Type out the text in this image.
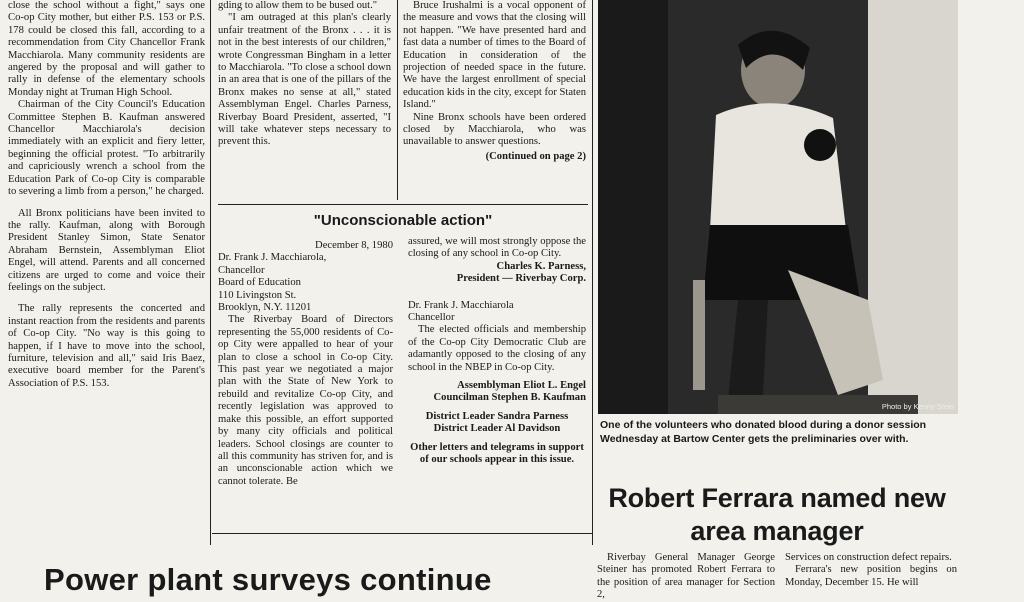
close the school without a fight," says one Co-op City mother, but either P.S. 153 or P.S. 178 could be closed this fall, according to a recommendation from City Chancellor Frank Macchiarola. Many community residents are angered by the proposal and will gather to rally in defense of the elementary schools Monday night at Truman High School.

Chairman of the City Council's Education Committee Stephen B. Kaufman answered Chancellor Macchiarola's decision immediately with an explicit and fiery letter, beginning the official protest. "To arbitrarily and capriciously wrench a school from the Education Park of Co-op City is comparable to severing a limb from a person," he charged.

All Bronx politicians have been invited to the rally. Kaufman, along with Borough President Stanley Simon, State Senator Abraham Bernstein, Assemblyman Eliot Engel, will attend. Parents and all concerned citizens are urged to come and voice their feelings on the subject.

The rally represents the concerted and instant reaction from the residents and parents of Co-op City. "No way is this going to happen, if I have to move into the school, furniture, television and all," said Iris Baez, executive board member for the Parent's Association of P.S. 153.

gding to allow them to be bused out."

"I am outraged at this plan's clearly unfair treatment of the Bronx . . . it is not in the best interests of our children," wrote Congressman Bingham in a letter to Macchiarola. "To close a school down in an area that is one of the pillars of the Bronx makes no sense at all," stated Assemblyman Engel. Charles Parness, Riverbay Board President, asserted, "I will take whatever steps necessary to prevent this.

Bruce Irushalmi is a vocal opponent of the measure and vows that the closing will not happen. "We have presented hard and fast data a number of times to the Board of Education in consideration of the projection of needed space in the future. We have the largest enrollment of special education kids in the city, except for Staten Island."

Nine Bronx schools have been ordered closed by Macchiarola, who was unavailable to answer questions.

(Continued on page 2)
"Unconscionable action"
December 8, 1980
Dr. Frank J. Macchiarola,
Chancellor
Board of Education
110 Livingston St.
Brooklyn, N.Y. 11201

The Riverbay Board of Directors representing the 55,000 residents of Co-op City were appalled to hear of your plan to close a school in Co-op City. This past year we negotiated a major plan with the State of New York to rebuild and revitalize Co-op City, and recently legislation was approved to make this possible, an effort supported by many city officials and political leaders. School closings are counter to all this community has striven for, and is an unconscionable action which we cannot tolerate. Be

assured, we will most strongly oppose the closing of any school in Co-op City.

Charles K. Parness,
President — Riverbay Corp.
Dr. Frank J. Macchiarola
Chancellor

The elected officials and membership of the Co-op City Democratic Club are adamantly opposed to the closing of any school in the NBEP in Co-op City.

Assemblyman Eliot L. Engel
Councilman Stephen B. Kaufman
District Leader Sandra Parness
District Leader Al Davidson
Other letters and telegrams in support of our schools appear in this issue.
Photo by Kenny Stein
One of the volunteers who donated blood during a donor session Wednesday at Bartow Center gets the preliminaries over with.
Robert Ferrara named new area manager

Riverbay General Manager George Steiner has promoted Robert Ferrara to the position of area manager for Section 2,

Services on construction defect repairs.

Ferrara's new position begins on Monday, December 15. He will

Power plant surveys continue
